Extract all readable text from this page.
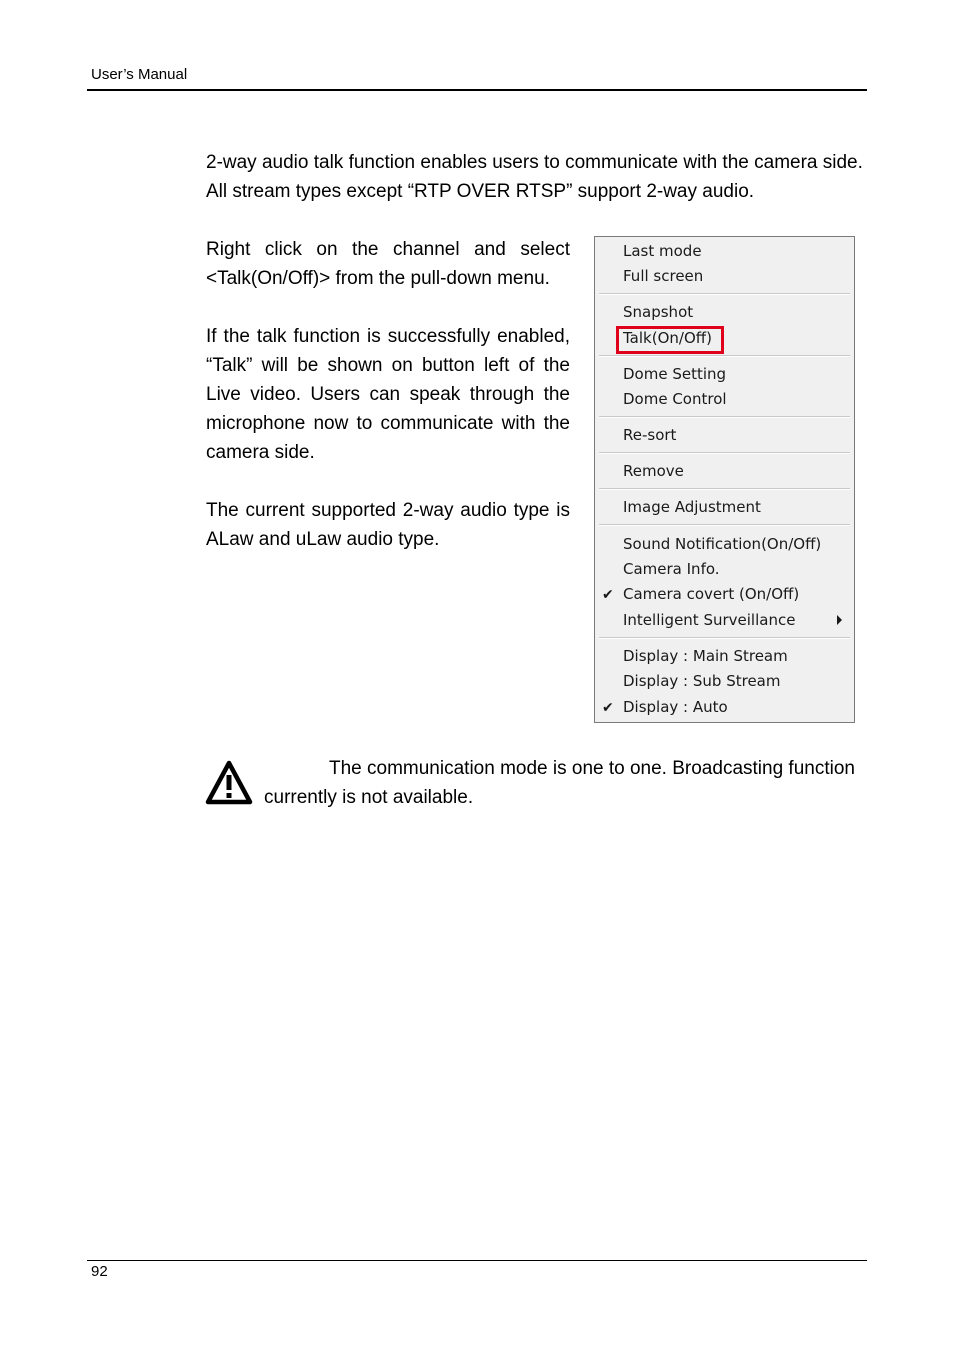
User’s Manual

2-way audio talk function enables users to communicate with the camera side.

All stream types except “RTP OVER RTSP” support 2-way audio.

Right click on the channel and select <Talk(On/Off)> from the pull-down menu.

If the talk function is successfully enabled, “Talk” will be shown on button left of the Live video. Users can speak through the microphone now to communicate with the camera side.

The current supported 2-way audio type is ALaw and uLaw audio type.

Last mode
Full screen
Snapshot
Talk(On/Off)
Dome Setting
Dome Control
Re-sort
Remove
Image Adjustment
Sound Notification(On/Off)
Camera Info.
✔ Camera covert (On/Off)
Intelligent Surveillance
Display : Main Stream
Display : Sub Stream
✔ Display : Auto

The communication mode is one to one. Broadcasting function currently is not available.

92
